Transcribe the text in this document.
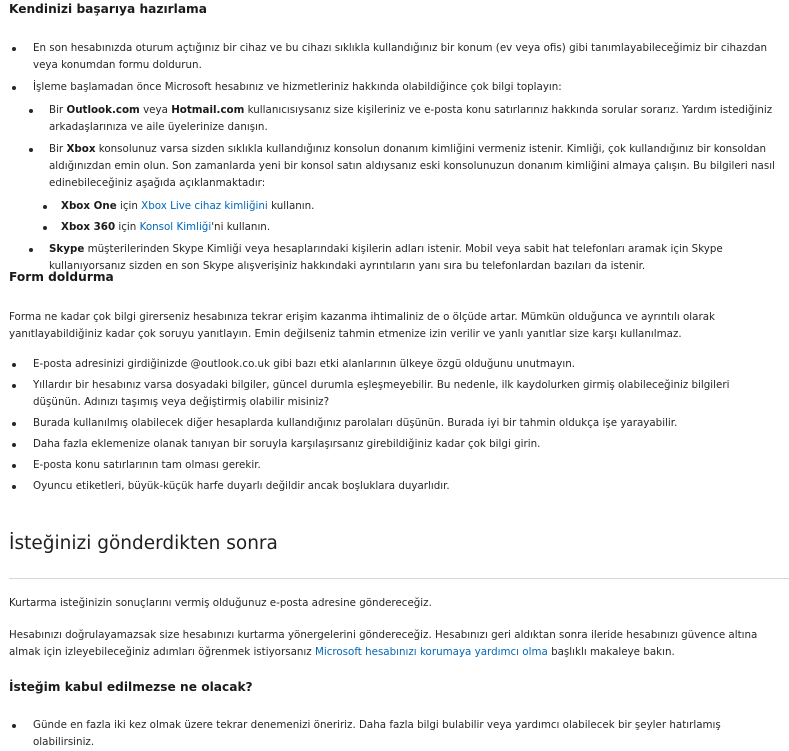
Kendinizi başarıya hazırlama
En son hesabınızda oturum açtığınız bir cihaz ve bu cihazı sıklıkla kullandığınız bir konum (ev veya ofis) gibi tanımlayabileceğimiz bir cihazdan veya konumdan formu doldurun.
İşleme başlamadan önce Microsoft hesabınız ve hizmetleriniz hakkında olabildiğince çok bilgi toplayın:
Bir Outlook.com veya Hotmail.com kullanıcısıysanız size kişileriniz ve e-posta konu satırlarınız hakkında sorular sorarız. Yardım istediğiniz arkadaşlarınıza ve aile üyelerinize danışın.
Bir Xbox konsolunuz varsa sizden sıklıkla kullandığınız konsolun donanım kimliğini vermeniz istenir. Kimliği, çok kullandığınız bir konsoldan aldığınızdan emin olun. Son zamanlarda yeni bir konsol satın aldıysanız eski konsolunuzun donanım kimliğini almaya çalışın. Bu bilgileri nasıl edinebileceğiniz aşağıda açıklanmaktadır:
Xbox One için Xbox Live cihaz kimliğini kullanın.
Xbox 360 için Konsol Kimliği'ni kullanın.
Skype müşterilerinden Skype Kimliği veya hesaplarındaki kişilerin adları istenir. Mobil veya sabit hat telefonları aramak için Skype kullanıyorsanız sizden en son Skype alışverişiniz hakkındaki ayrıntıların yanı sıra bu telefonlardan bazıları da istenir.
Form doldurma

Forma ne kadar çok bilgi girerseniz hesabınıza tekrar erişim kazanma ihtimaliniz de o ölçüde artar. Mümkün olduğunca ve ayrıntılı olarak yanıtlayabildiğiniz kadar çok soruyu yanıtlayın. Emin değilseniz tahmin etmenize izin verilir ve yanlı yanıtlar size karşı kullanılmaz.

E-posta adresinizi girdiğinizde @outlook.co.uk gibi bazı etki alanlarının ülkeye özgü olduğunu unutmayın.
Yıllardır bir hesabınız varsa dosyadaki bilgiler, güncel durumla eşleşmeyebilir. Bu nedenle, ilk kaydolurken girmiş olabileceğiniz bilgileri düşünün. Adınızı taşımış veya değiştirmiş olabilir misiniz?
Burada kullanılmış olabilecek diğer hesaplarda kullandığınız parolaları düşünün. Burada iyi bir tahmin oldukça işe yarayabilir.
Daha fazla eklemenize olanak tanıyan bir soruyla karşılaşırsanız girebildiğiniz kadar çok bilgi girin.
E-posta konu satırlarının tam olması gerekir.
Oyuncu etiketleri, büyük-küçük harfe duyarlı değildir ancak boşluklara duyarlıdır.
İsteğinizi gönderdikten sonra

Kurtarma isteğinizin sonuçlarını vermiş olduğunuz e-posta adresine göndereceğiz.

Hesabınızı doğrulayamazsak size hesabınızı kurtarma yönergelerini göndereceğiz. Hesabınızı geri aldıktan sonra ileride hesabınızı güvence altına almak için izleyebileceğiniz adımları öğrenmek istiyorsanız Microsoft hesabınızı korumaya yardımcı olma başlıklı makaleye bakın.

İsteğim kabul edilmezse ne olacak?
Günde en fazla iki kez olmak üzere tekrar denemenizi öneririz. Daha fazla bilgi bulabilir veya yardımcı olabilecek bir şeyler hatırlamış olabilirsiniz.
